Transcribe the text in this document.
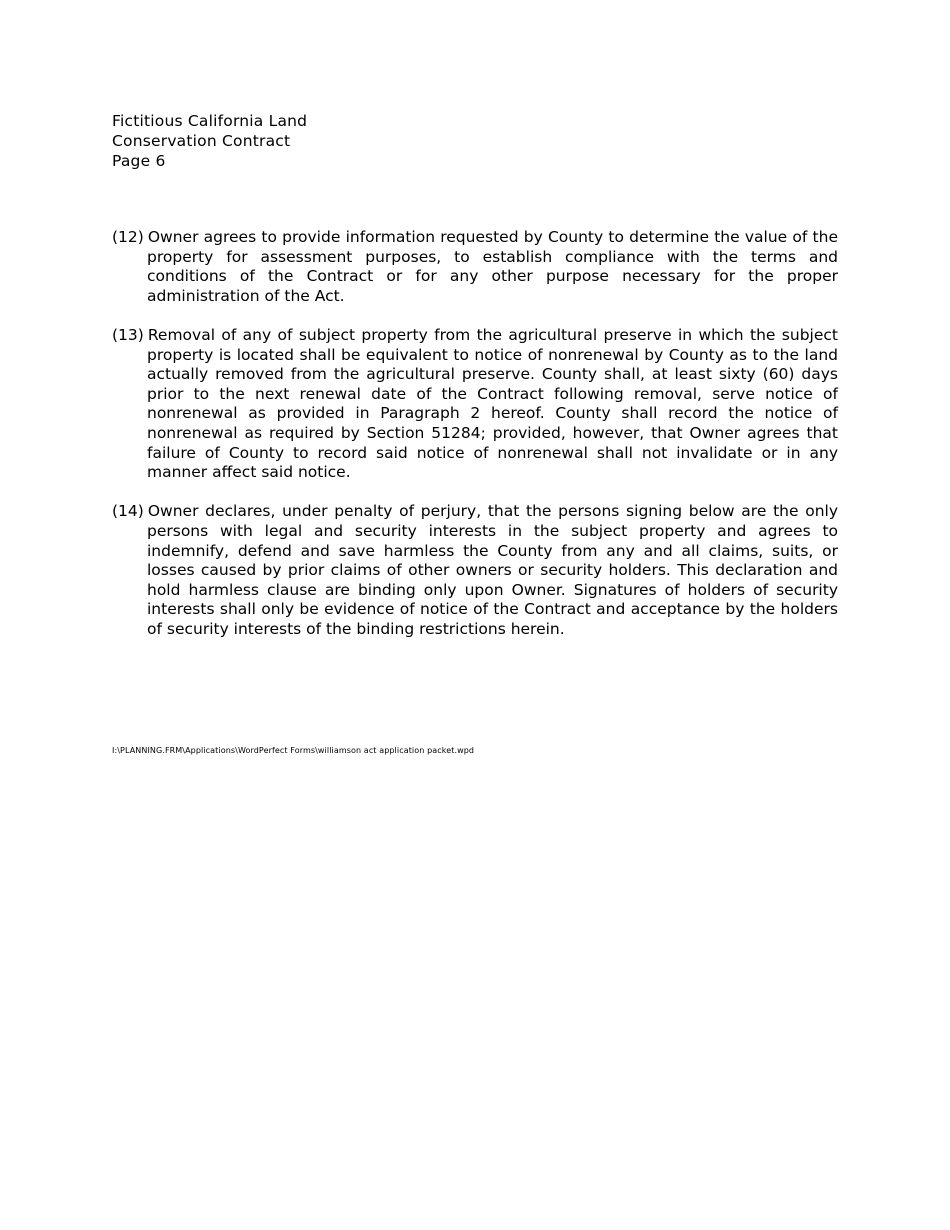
Fictitious California Land
Conservation Contract
Page 6

(12) Owner agrees to provide information requested by County to determine the value of the property for assessment purposes, to establish compliance with the terms and conditions of the Contract or for any other purpose necessary for the proper administration of the Act.

(13) Removal of any of subject property from the agricultural preserve in which the subject property is located shall be equivalent to notice of nonrenewal by County as to the land actually removed from the agricultural preserve. County shall, at least sixty (60) days prior to the next renewal date of the Contract following removal, serve notice of nonrenewal as provided in Paragraph 2 hereof. County shall record the notice of nonrenewal as required by Section 51284; provided, however, that Owner agrees that failure of County to record said notice of nonrenewal shall not invalidate or in any manner affect said notice.

(14) Owner declares, under penalty of perjury, that the persons signing below are the only persons with legal and security interests in the subject property and agrees to indemnify, defend and save harmless the County from any and all claims, suits, or losses caused by prior claims of other owners or security holders. This declaration and hold harmless clause are binding only upon Owner. Signatures of holders of security interests shall only be evidence of notice of the Contract and acceptance by the holders of security interests of the binding restrictions herein.

I:\PLANNING.FRM\Applications\WordPerfect Forms\williamson act application packet.wpd
